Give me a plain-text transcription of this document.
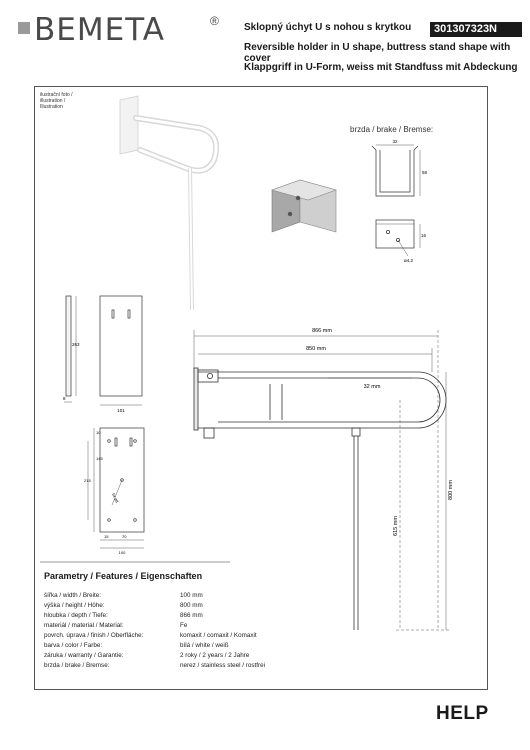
BEMETA	®	Sklopný úchyt U s nohou s krytkou	301307323N
Reversible holder in U shape, buttress stand shape with cover
Klappgriff in U-Form, weiss mit Standfuss mit Abdeckung
ilustrační foto /
illustration /
Illustration
brzda / brake / Bremse:
32
58
16
ø4,2
263
8
101
10
145
215
5x ø8
15	70
100
866 mm
850 mm
32 mm
800 mm
615 mm
Parametry / Features / Eigenschaften
šířka / width / Breite:	100 mm
výška / height / Höhe:	800 mm
hloubka / depth / Tiefe:	866 mm
materiál / material / Material:	Fe
povrch. úprava / finish / Oberfläche:	komaxit / comaxit / Komaxit
barva / color / Farbe:	bílá / white / weiß
záruka / warranty / Garantie:	2 roky / 2 years / 2 Jahre
brzda / brake / Bremse:	nerez / stainless steel / rostfrei
HELP
